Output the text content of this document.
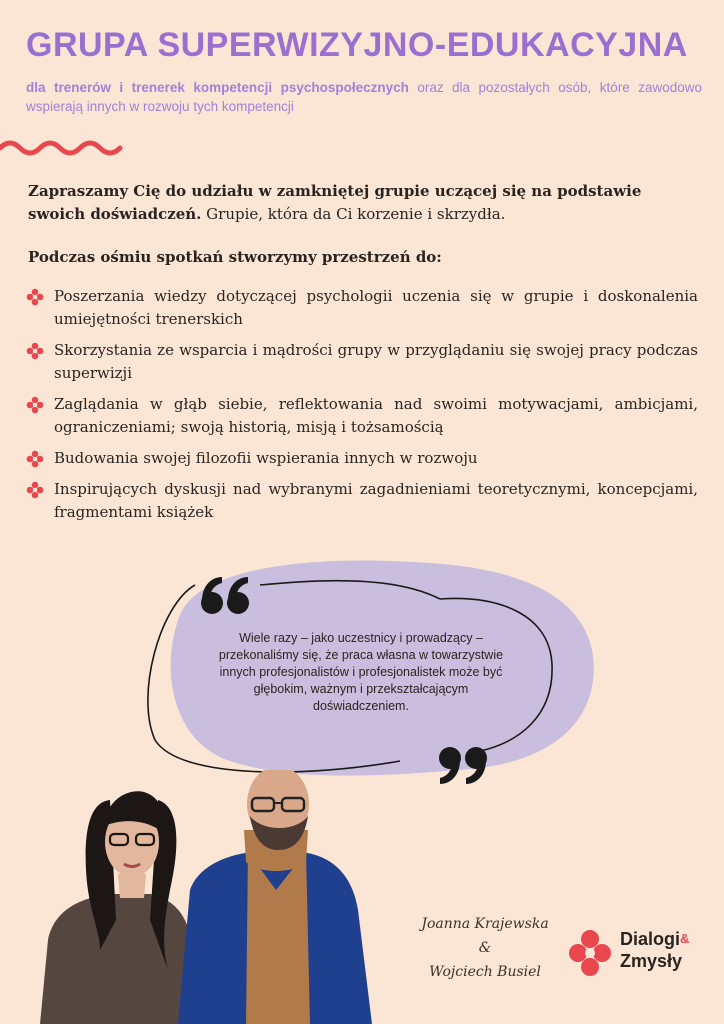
GRUPA SUPERWIZYJNO-EDUKACYJNA
dla trenerów i trenerek kompetencji psychospołecznych oraz dla pozostałych osób, które zawodowo wspierają innych w rozwoju tych kompetencji
Zapraszamy Cię do udziału w zamkniętej grupie uczącej się na podstawie swoich doświadczeń. Grupie, która da Ci korzenie i skrzydła.
Podczas ośmiu spotkań stworzymy przestrzeń do:
Poszerzania wiedzy dotyczącej psychologii uczenia się w grupie i doskonalenia umiejętności trenerskich
Skorzystania ze wsparcia i mądrości grupy w przyglądaniu się swojej pracy podczas superwizji
Zaglądania w głąb siebie, reflektowania nad swoimi motywacjami, ambicjami, ograniczeniami; swoją historią, misją i tożsamością
Budowania swojej filozofii wspierania innych w rozwoju
Inspirujących dyskusji nad wybranymi zagadnieniami teoretycznymi, koncepcjami, fragmentami książek
Wiele razy – jako uczestnicy i prowadzący – przekonaliśmy się, że praca własna w towarzystwie innych profesjonalistów i profesjonalistek może być głębokim, ważnym i przekształcającym doświadczeniem.
Joanna Krajewska
&
Wojciech Busiel
Dialogi&
Zmysły
